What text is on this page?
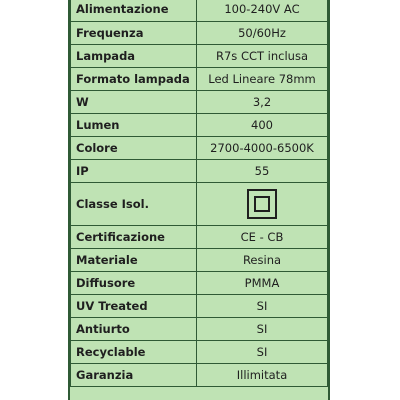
Alimentazione	100-240V AC
Frequenza	50/60Hz
Lampada	R7s CCT inclusa
Formato lampada	Led Lineare 78mm
W	3,2
Lumen	400
Colore	2700-4000-6500K
IP	55
Classe Isol.	
Certificazione	CE - CB
Materiale	Resina
Diffusore	PMMA
UV Treated	SI
Antiurto	SI
Recyclable	SI
Garanzia	Illimitata
